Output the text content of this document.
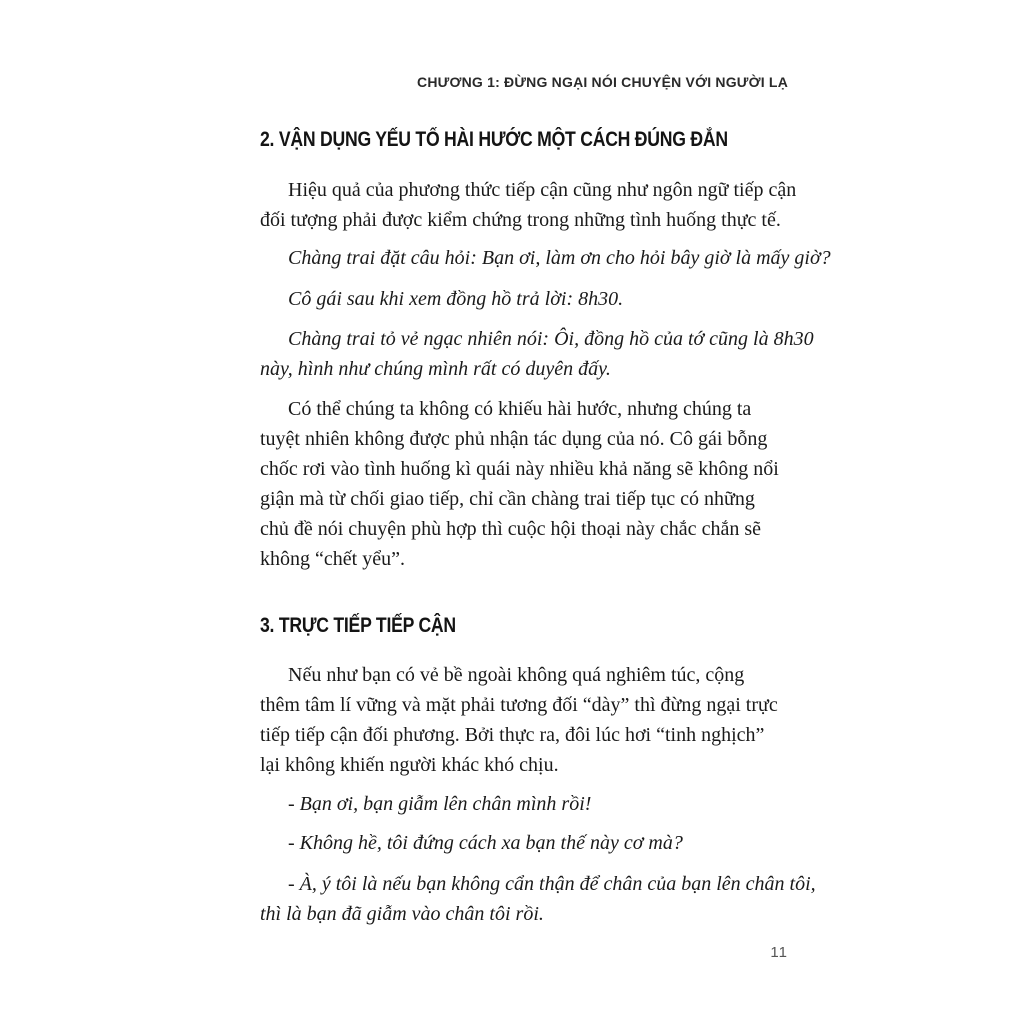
CHƯƠNG 1: ĐỪNG NGẠI NÓI CHUYỆN VỚI NGƯỜI LẠ
2. VẬN DỤNG YẾU TỐ HÀI HƯỚC MỘT CÁCH ĐÚNG ĐẮN

Hiệu quả của phương thức tiếp cận cũng như ngôn ngữ tiếp cận
đối tượng phải được kiểm chứng trong những tình huống thực tế.

Chàng trai đặt câu hỏi: Bạn ơi, làm ơn cho hỏi bây giờ là mấy giờ?

Cô gái sau khi xem đồng hồ trả lời: 8h30.

Chàng trai tỏ vẻ ngạc nhiên nói: Ôi, đồng hồ của tớ cũng là 8h30
này, hình như chúng mình rất có duyên đấy.

Có thể chúng ta không có khiếu hài hước, nhưng chúng ta
tuyệt nhiên không được phủ nhận tác dụng của nó. Cô gái bỗng
chốc rơi vào tình huống kì quái này nhiều khả năng sẽ không nổi
giận mà từ chối giao tiếp, chỉ cần chàng trai tiếp tục có những
chủ đề nói chuyện phù hợp thì cuộc hội thoại này chắc chắn sẽ
không “chết yểu”.

3. TRỰC TIẾP TIẾP CẬN

Nếu như bạn có vẻ bề ngoài không quá nghiêm túc, cộng
thêm tâm lí vững và mặt phải tương đối “dày” thì đừng ngại trực
tiếp tiếp cận đối phương. Bởi thực ra, đôi lúc hơi “tinh nghịch”
lại không khiến người khác khó chịu.

- Bạn ơi, bạn giẫm lên chân mình rồi!

- Không hề, tôi đứng cách xa bạn thế này cơ mà?

- À, ý tôi là nếu bạn không cẩn thận để chân của bạn lên chân tôi,
thì là bạn đã giẫm vào chân tôi rồi.

11
